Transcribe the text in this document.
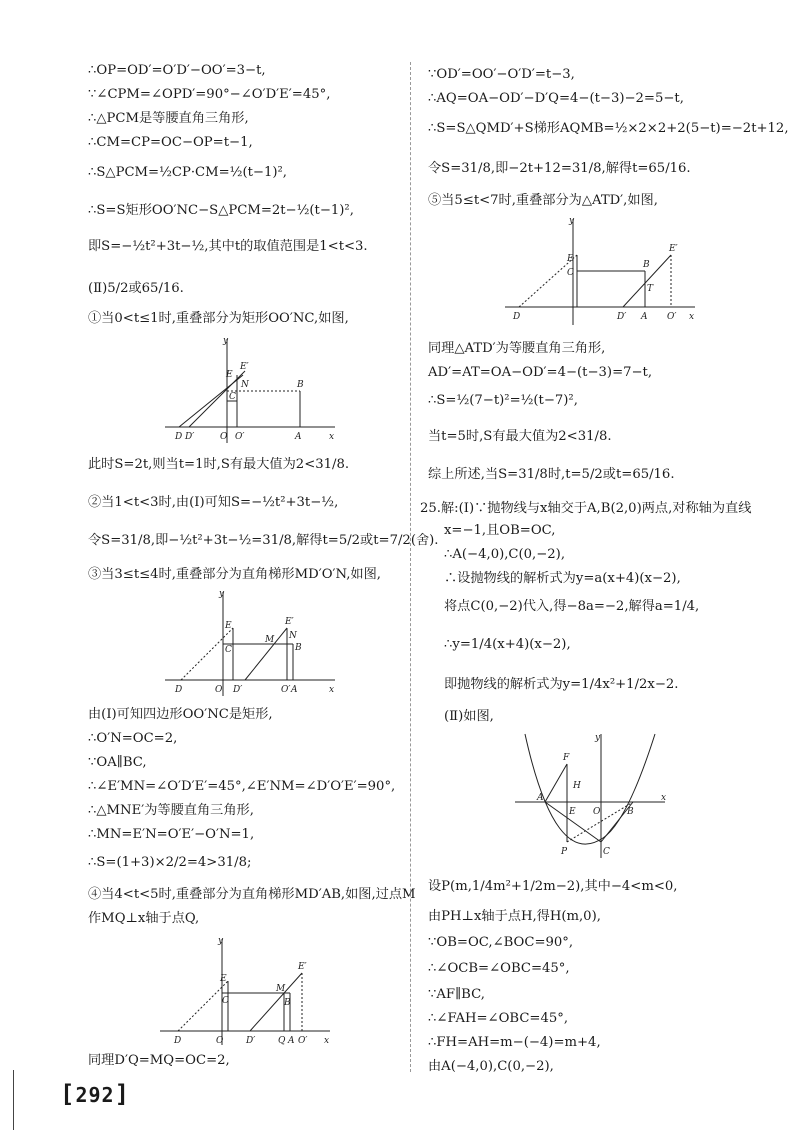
∴OP=OD′=O′D′−OO′=3−t,
∵∠CPM=∠OPD′=90°−∠O′D′E′=45°,
∴△PCM是等腰直角三角形,
∴CM=CP=OC−OP=t−1,
∴S△PCM=½CP·CM=½(t−1)²,
∴S=S矩形OO′NC−S△PCM=2t−½(t−1)²,
即S=−½t²+3t−½,其中t的取值范围是1<t<3.
(Ⅱ)5/2或65/16.
①当0<t≤1时,重叠部分为矩形OO′NC,如图,
此时S=2t,则当t=1时,S有最大值为2<31/8.
②当1<t<3时,由(Ⅰ)可知S=−½t²+3t−½,
令S=31/8,即−½t²+3t−½=31/8,解得t=5/2或t=7/2(舍).
③当3≤t≤4时,重叠部分为直角梯形MD′O′N,如图,
由(Ⅰ)可知四边形OO′NC是矩形,
∴O′N=OC=2,
∵OA∥BC,
∴∠E′MN=∠O′D′E′=45°,∠E′NM=∠D′O′E′=90°,
∴△MNE′为等腰直角三角形,
∴MN=E′N=O′E′−O′N=1,
∴S=(1+3)×2/2=4>31/8;
④当4<t<5时,重叠部分为直角梯形MD′AB,如图,过点M
作MQ⊥x轴于点Q,
同理D′Q=MQ=OC=2,
∵OD′=OO′−O′D′=t−3,
∴AQ=OA−OD′−D′Q=4−(t−3)−2=5−t,
∴S=S△QMD′+S梯形AQMB=½×2×2+2(5−t)=−2t+12,
令S=31/8,即−2t+12=31/8,解得t=65/16.
⑤当5≤t<7时,重叠部分为△ATD′,如图,
同理△ATD′为等腰直角三角形,
AD′=AT=OA−OD′=4−(t−3)=7−t,
∴S=½(7−t)²=½(t−7)²,
当t=5时,S有最大值为2<31/8.
综上所述,当S=31/8时,t=5/2或t=65/16.
25.解:(Ⅰ)∵抛物线与x轴交于A,B(2,0)两点,对称轴为直线
x=−1,且OB=OC,
∴A(−4,0),C(0,−2),
∴设抛物线的解析式为y=a(x+4)(x−2),
将点C(0,−2)代入,得−8a=−2,解得a=1/4,
∴y=1/4(x+4)(x−2),
即抛物线的解析式为y=1/4x²+1/2x−2.
(Ⅱ)如图,
设P(m,1/4m²+1/2m−2),其中−4<m<0,
由PH⊥x轴于点H,得H(m,0),
∵OB=OC,∠BOC=90°,
∴∠OCB=∠OBC=45°,
∵AF∥BC,
∴∠FAH=∠OBC=45°,
∴FH=AH=m−(−4)=m+4,
由A(−4,0),C(0,−2),
y
E
E′
N	B
C
D D′	O O′	A	x
y
E	E′
M N
B
C
D	O D′	O′ A	x
y
E
E′
C
M
B
D	O	D′	Q A O′ x
y
E
E′
C
B
T
D	D′ A O′ x
y
F
H
A
E O	B
x
P	C
[292]
